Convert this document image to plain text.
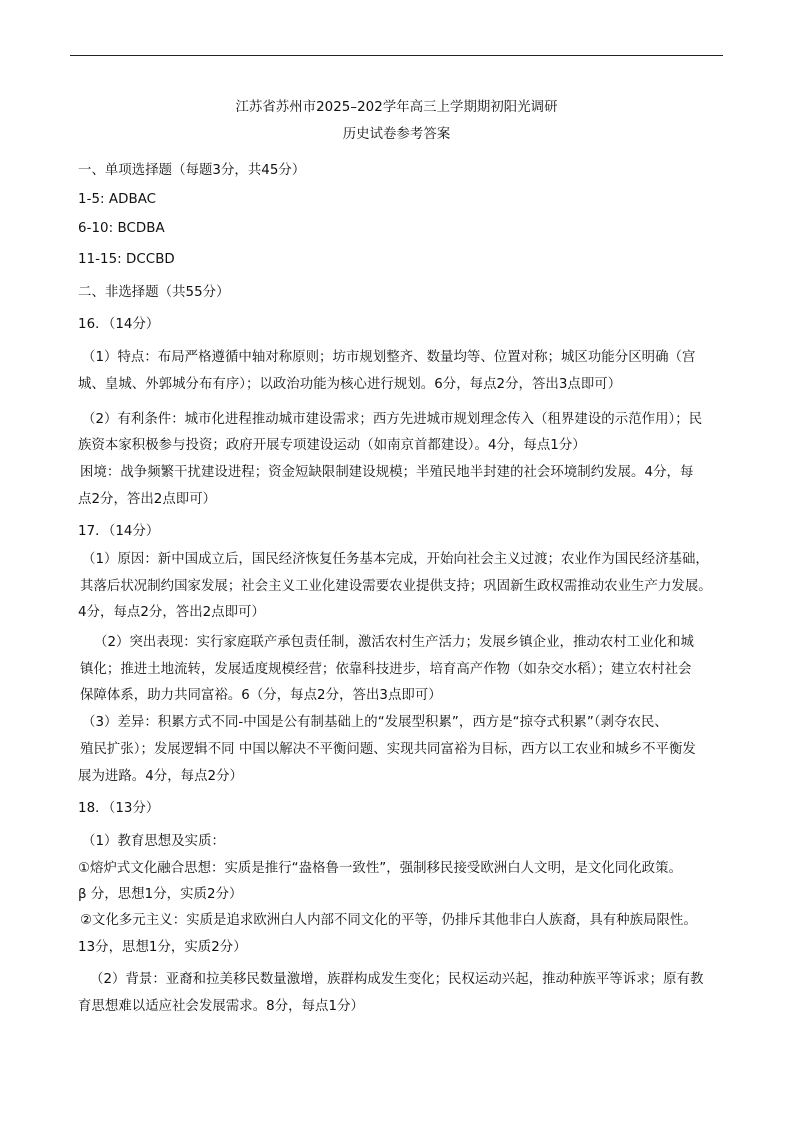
江苏省苏州市2025–202学年高三上学期期初阳光调研
历史试卷参考答案
一、单项选择题（每题3分，共45分）
1-5: ADBAC
6-10: BCDBA
11-15: DCCBD
二、非选择题（共55分）
16．（14分）
（1）特点：布局严格遵循中轴对称原则；坊市规划整齐、数量均等、位置对称；城区功能分区明确（宫
城、皇城、外郭城分布有序）；以政治功能为核心进行规划。6分，每点2分，答出3点即可）
（2）有利条件：城市化进程推动城市建设需求；西方先进城市规划理念传入（租界建设的示范作用）；民
族资本家积极参与投资；政府开展专项建设运动（如南京首都建设）。4分，每点1分）
困境：战争频繁干扰建设进程；资金短缺限制建设规模；半殖民地半封建的社会环境制约发展。4分，每
点2分，答出2点即可）
17．（14分）
（1）原因：新中国成立后，国民经济恢复任务基本完成，开始向社会主义过渡；农业作为国民经济基础，
其落后状况制约国家发展；社会主义工业化建设需要农业提供支持；巩固新生政权需推动农业生产力发展。
4分，每点2分，答出2点即可）
（2）突出表现：实行家庭联产承包责任制，激活农村生产活力；发展乡镇企业，推动农村工业化和城
镇化；推进土地流转，发展适度规模经营；依靠科技进步，培育高产作物（如杂交水稻）；建立农村社会
保障体系，助力共同富裕。6（分，每点2分，答出3点即可）
（3）差异：积累方式不同-中国是公有制基础上的“发展型积累”，西方是“掠夺式积累”（剥夺农民、
殖民扩张）；发展逻辑不同 中国以解决不平衡问题、实现共同富裕为目标，西方以工农业和城乡不平衡发
展为进路。4分，每点2分）
18．（13分）
（1）教育思想及实质：
①熔炉式文化融合思想：实质是推行“盎格鲁一致性”，强制移民接受欧洲白人文明，是文化同化政策。
β 分，思想1分，实质2分）
②文化多元主义：实质是追求欧洲白人内部不同文化的平等，仍排斥其他非白人族裔，具有种族局限性。
13分，思想1分，实质2分）
（2）背景：亚裔和拉美移民数量激增，族群构成发生变化；民权运动兴起，推动种族平等诉求；原有教
育思想难以适应社会发展需求。8分，每点1分）
